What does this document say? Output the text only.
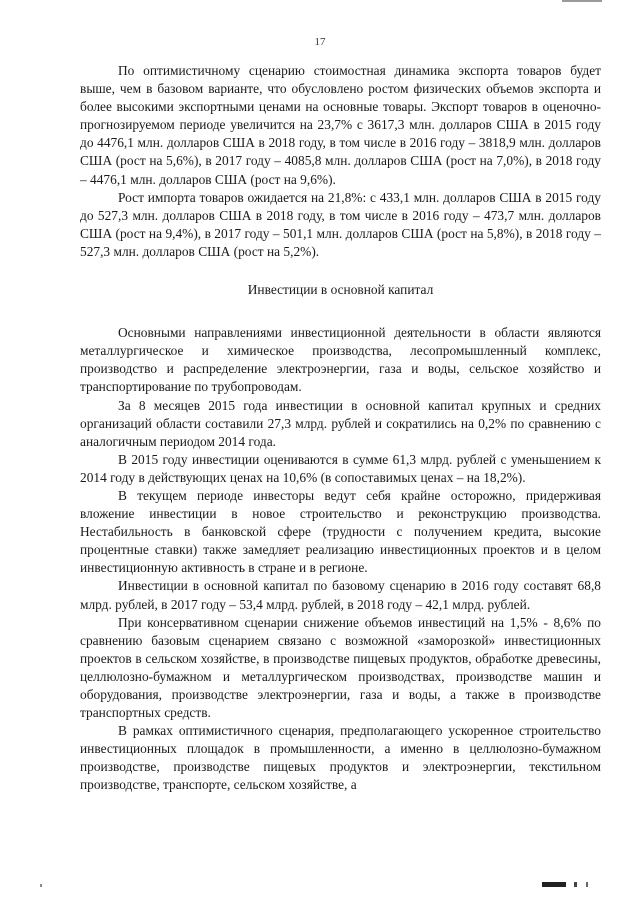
17

По оптимистичному сценарию стоимостная динамика экспорта товаров будет выше, чем в базовом варианте, что обусловлено ростом физических объемов экспорта и более высокими экспортными ценами на основные товары. Экспорт товаров в оценочно-прогнозируемом периоде увеличится на 23,7% с 3617,3 млн. долларов США в 2015 году до 4476,1 млн. долларов США в 2018 году, в том числе в 2016 году – 3818,9 млн. долларов США (рост на 5,6%), в 2017 году – 4085,8 млн. долларов США (рост на 7,0%), в 2018 году – 4476,1 млн. долларов США (рост на 9,6%).

Рост импорта товаров ожидается на 21,8%: с 433,1 млн. долларов США в 2015 году до 527,3 млн. долларов США в 2018 году, в том числе в 2016 году – 473,7 млн. долларов США (рост на 9,4%), в 2017 году – 501,1 млн. долларов США (рост на 5,8%), в 2018 году – 527,3 млн. долларов США (рост на 5,2%).

Инвестиции в основной капитал

Основными направлениями инвестиционной деятельности в области являются металлургическое и химическое производства, лесопромышленный комплекс, производство и распределение электроэнергии, газа и воды, сельское хозяйство и транспортирование по трубопроводам.

За 8 месяцев 2015 года инвестиции в основной капитал крупных и средних организаций области составили 27,3 млрд. рублей и сократились на 0,2% по сравнению с аналогичным периодом 2014 года.

В 2015 году инвестиции оцениваются в сумме 61,3 млрд. рублей с уменьшением к 2014 году в действующих ценах на 10,6% (в сопоставимых ценах – на 18,2%).

В текущем периоде инвесторы ведут себя крайне осторожно, придерживая вложение инвестиции в новое строительство и реконструкцию производства. Нестабильность в банковской сфере (трудности с получением кредита, высокие процентные ставки) также замедляет реализацию инвестиционных проектов и в целом инвестиционную активность в стране и в регионе.

Инвестиции в основной капитал по базовому сценарию в 2016 году составят 68,8 млрд. рублей, в 2017 году – 53,4 млрд. рублей, в 2018 году – 42,1 млрд. рублей.

При консервативном сценарии снижение объемов инвестиций на 1,5% - 8,6% по сравнению базовым сценарием связано с возможной «заморозкой» инвестиционных проектов в сельском хозяйстве, в производстве пищевых продуктов, обработке древесины, целлюлозно-бумажном и металлургическом производствах, производстве машин и оборудования, производстве электроэнергии, газа и воды, а также в производстве транспортных средств.

В рамках оптимистичного сценария, предполагающего ускоренное строительство инвестиционных площадок в промышленности, а именно в целлюлозно-бумажном производстве, производстве пищевых продуктов и электроэнергии, текстильном производстве, транспорте, сельском хозяйстве, а
